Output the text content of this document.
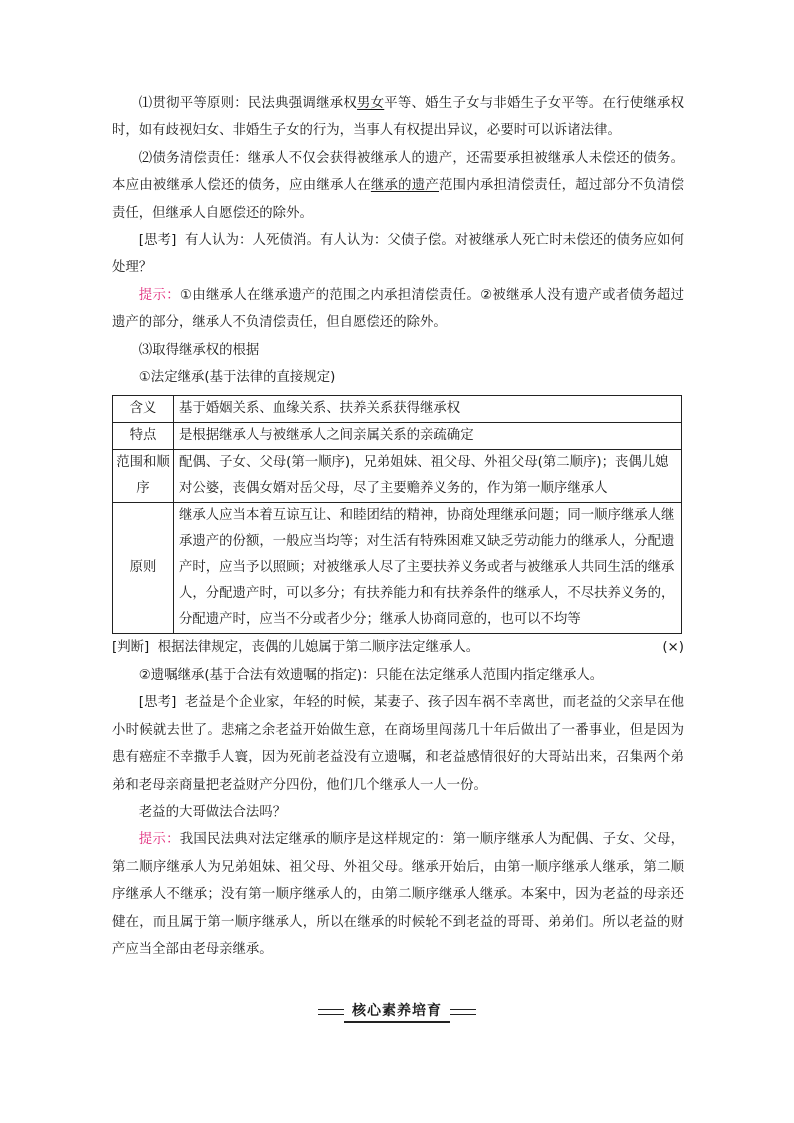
⑴贯彻平等原则：民法典强调继承权男女平等、婚生子女与非婚生子女平等。在行使继承权时，如有歧视妇女、非婚生子女的行为，当事人有权提出异议，必要时可以诉诸法律。

⑵债务清偿责任：继承人不仅会获得被继承人的遗产，还需要承担被继承人未偿还的债务。本应由被继承人偿还的债务，应由继承人在继承的遗产范围内承担清偿责任，超过部分不负清偿责任，但继承人自愿偿还的除外。

[思考] 有人认为：人死债消。有人认为：父债子偿。对被继承人死亡时未偿还的债务应如何处理？

提示：①由继承人在继承遗产的范围之内承担清偿责任。②被继承人没有遗产或者债务超过遗产的部分，继承人不负清偿责任，但自愿偿还的除外。

⑶取得继承权的根据

①法定继承(基于法律的直接规定)

含义	基于婚姻关系、血缘关系、扶养关系获得继承权
特点	是根据继承人与被继承人之间亲属关系的亲疏确定
范围和顺序	配偶、子女、父母(第一顺序)，兄弟姐妹、祖父母、外祖父母(第二顺序)；丧偶儿媳对公婆，丧偶女婿对岳父母，尽了主要赡养义务的，作为第一顺序继承人
原则	继承人应当本着互谅互让、和睦团结的精神，协商处理继承问题；同一顺序继承人继承遗产的份额，一般应当均等；对生活有特殊困难又缺乏劳动能力的继承人，分配遗产时，应当予以照顾；对被继承人尽了主要扶养义务或者与被继承人共同生活的继承人，分配遗产时，可以多分；有扶养能力和有扶养条件的继承人，不尽扶养义务的，分配遗产时，应当不分或者少分；继承人协商同意的，也可以不均等

[判断] 根据法律规定，丧偶的儿媳属于第二顺序法定继承人。	(×)

②遗嘱继承(基于合法有效遗嘱的指定)：只能在法定继承人范围内指定继承人。

[思考] 老益是个企业家，年轻的时候，某妻子、孩子因车祸不幸离世，而老益的父亲早在他小时候就去世了。悲痛之余老益开始做生意，在商场里闯荡几十年后做出了一番事业，但是因为患有癌症不幸撒手人寰，因为死前老益没有立遗嘱，和老益感情很好的大哥站出来，召集两个弟弟和老母亲商量把老益财产分四份，他们几个继承人一人一份。

老益的大哥做法合法吗？

提示：我国民法典对法定继承的顺序是这样规定的：第一顺序继承人为配偶、子女、父母，第二顺序继承人为兄弟姐妹、祖父母、外祖父母。继承开始后，由第一顺序继承人继承，第二顺序继承人不继承；没有第一顺序继承人的，由第二顺序继承人继承。本案中，因为老益的母亲还健在，而且属于第一顺序继承人，所以在继承的时候轮不到老益的哥哥、弟弟们。所以老益的财产应当全部由老母亲继承。

核心素养培育
